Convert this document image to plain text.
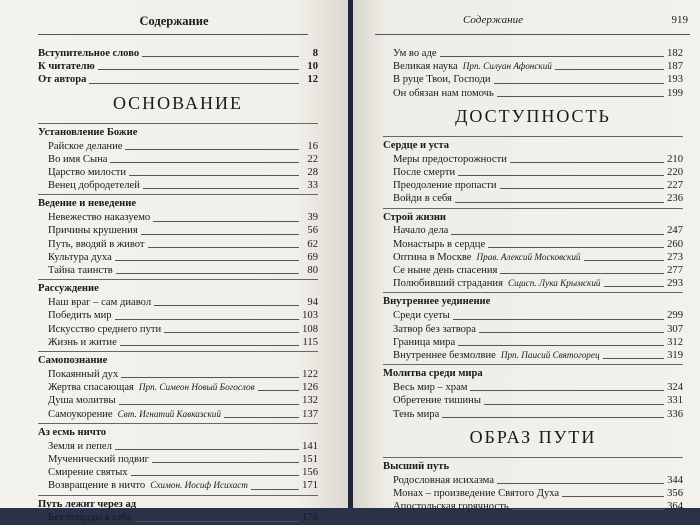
Содержание
Вступительное слово	8
К читателю	10
От автора	12
ОСНОВАНИЕ
Установление Божие
Райское делание	16
Во имя Сына	22
Царство милости	28
Венец добродетелей	33
Ведение и неведение
Невежество наказуемо	39
Причины крушения	56
Путь, вводяй в живот	62
Культура духа	69
Тайна таинств	80
Рассуждение
Наш враг – сам диавол	94
Победить мир	103
Искусство среднего пути	108
Жизнь и житие	115
Самопознание
Покаянный дух	122
Жертва спасающая Прп. Симеон Новый Богослов	126
Душа молитвы	132
Самоукорение Свт. Игнатий Кавказский	137
Аз есмь ничто
Земля и пепел	141
Мученический подвиг	151
Смирение святых	156
Возвращение в ничто Схимон. Иосиф Исихаст	171
Путь лежит через ад
Без пощады к себе	176
Содержание	919
Ум во аде	182
Великая наука Прп. Силуан Афонский	187
В руце Твои, Господи	193
Он обязан нам помочь	199
ДОСТУПНОСТЬ
Сердце и уста
Меры предосторожности	210
После смерти	220
Преодоление пропасти	227
Войди в себя	236
Строй жизни
Начало дела	247
Монастырь в сердце	260
Оптина в Москве Прав. Алексий Московский	273
Се ныне день спасения	277
Полюбивший страдания Сщисп. Лука Крымский	293
Внутреннее уединение
Среди суеты	299
Затвор без затвора	307
Граница мира	312
Внутреннее безмолвие Прп. Паисий Святогорец	319
Молитва среди мира
Весь мир – храм	324
Обретение тишины	331
Тень мира	336
ОБРАЗ ПУТИ
Высший путь
Родословная исихазма	344
Монах – произведение Святого Духа	356
Апостольская горячность	364
